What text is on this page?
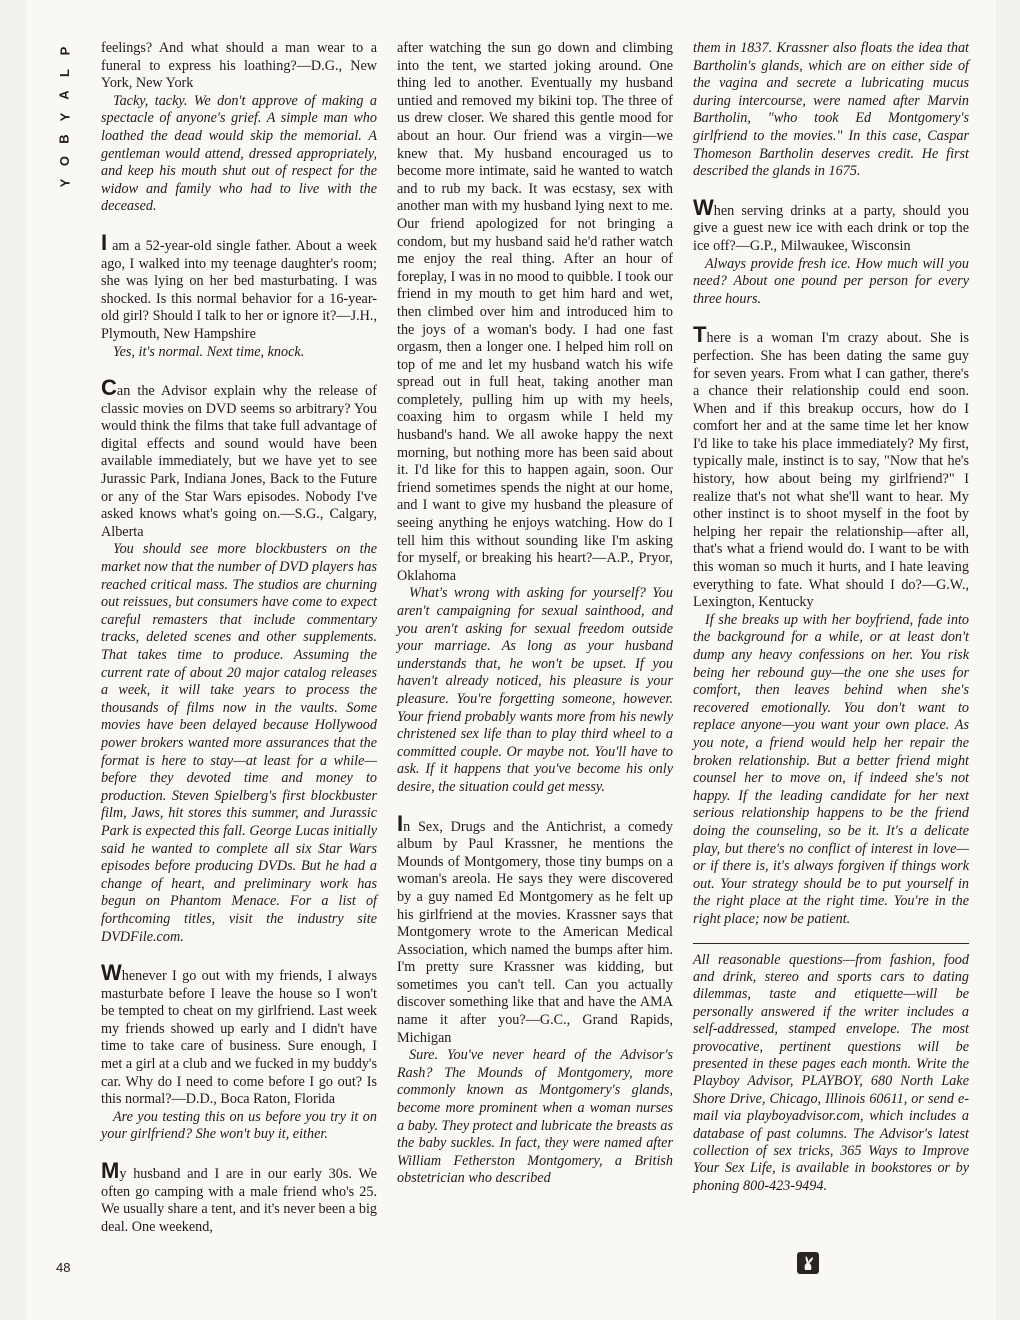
P
L
A
Y
B
O
Y

feelings? And what should a man wear to a funeral to express his loathing?—D.G., New York, New York

Tacky, tacky. We don't approve of making a spectacle of anyone's grief. A simple man who loathed the dead would skip the memorial. A gentleman would attend, dressed appropriately, and keep his mouth shut out of respect for the widow and family who had to live with the deceased.

I am a 52-year-old single father. About a week ago, I walked into my teenage daughter's room; she was lying on her bed masturbating. I was shocked. Is this normal behavior for a 16-year-old girl? Should I talk to her or ignore it?—J.H., Plymouth, New Hampshire

Yes, it's normal. Next time, knock.

Can the Advisor explain why the release of classic movies on DVD seems so arbitrary? You would think the films that take full advantage of digital effects and sound would have been available immediately, but we have yet to see Jurassic Park, Indiana Jones, Back to the Future or any of the Star Wars episodes. Nobody I've asked knows what's going on.—S.G., Calgary, Alberta

You should see more blockbusters on the market now that the number of DVD players has reached critical mass. The studios are churning out reissues, but consumers have come to expect careful remasters that include commentary tracks, deleted scenes and other supplements. That takes time to produce. Assuming the current rate of about 20 major catalog releases a week, it will take years to process the thousands of films now in the vaults. Some movies have been delayed because Hollywood power brokers wanted more assurances that the format is here to stay—at least for a while—before they devoted time and money to production. Steven Spielberg's first blockbuster film, Jaws, hit stores this summer, and Jurassic Park is expected this fall. George Lucas initially said he wanted to complete all six Star Wars episodes before producing DVDs. But he had a change of heart, and preliminary work has begun on Phantom Menace. For a list of forthcoming titles, visit the industry site DVDFile.com.

Whenever I go out with my friends, I always masturbate before I leave the house so I won't be tempted to cheat on my girlfriend. Last week my friends showed up early and I didn't have time to take care of business. Sure enough, I met a girl at a club and we fucked in my buddy's car. Why do I need to come before I go out? Is this normal?—D.D., Boca Raton, Florida

Are you testing this on us before you try it on your girlfriend? She won't buy it, either.

My husband and I are in our early 30s. We often go camping with a male friend who's 25. We usually share a tent, and it's never been a big deal. One weekend,

after watching the sun go down and climbing into the tent, we started joking around. One thing led to another. Eventually my husband untied and removed my bikini top. The three of us drew closer. We shared this gentle mood for about an hour. Our friend was a virgin—we knew that. My husband encouraged us to become more intimate, said he wanted to watch and to rub my back. It was ecstasy, sex with another man with my husband lying next to me. Our friend apologized for not bringing a condom, but my husband said he'd rather watch me enjoy the real thing. After an hour of foreplay, I was in no mood to quibble. I took our friend in my mouth to get him hard and wet, then climbed over him and introduced him to the joys of a woman's body. I had one fast orgasm, then a longer one. I helped him roll on top of me and let my husband watch his wife spread out in full heat, taking another man completely, pulling him up with my heels, coaxing him to orgasm while I held my husband's hand. We all awoke happy the next morning, but nothing more has been said about it. I'd like for this to happen again, soon. Our friend sometimes spends the night at our home, and I want to give my husband the pleasure of seeing anything he enjoys watching. How do I tell him this without sounding like I'm asking for myself, or breaking his heart?—A.P., Pryor, Oklahoma

What's wrong with asking for yourself? You aren't campaigning for sexual sainthood, and you aren't asking for sexual freedom outside your marriage. As long as your husband understands that, he won't be upset. If you haven't already noticed, his pleasure is your pleasure. You're forgetting someone, however. Your friend probably wants more from his newly christened sex life than to play third wheel to a committed couple. Or maybe not. You'll have to ask. If it happens that you've become his only desire, the situation could get messy.

In Sex, Drugs and the Antichrist, a comedy album by Paul Krassner, he mentions the Mounds of Montgomery, those tiny bumps on a woman's areola. He says they were discovered by a guy named Ed Montgomery as he felt up his girlfriend at the movies. Krassner says that Montgomery wrote to the American Medical Association, which named the bumps after him. I'm pretty sure Krassner was kidding, but sometimes you can't tell. Can you actually discover something like that and have the AMA name it after you?—G.C., Grand Rapids, Michigan

Sure. You've never heard of the Advisor's Rash? The Mounds of Montgomery, more commonly known as Montgomery's glands, become more prominent when a woman nurses a baby. They protect and lubricate the breasts as the baby suckles. In fact, they were named after William Fetherston Montgomery, a British obstetrician who described

them in 1837. Krassner also floats the idea that Bartholin's glands, which are on either side of the vagina and secrete a lubricating mucus during intercourse, were named after Marvin Bartholin, "who took Ed Montgomery's girlfriend to the movies." In this case, Caspar Thomeson Bartholin deserves credit. He first described the glands in 1675.

When serving drinks at a party, should you give a guest new ice with each drink or top the ice off?—G.P., Milwaukee, Wisconsin

Always provide fresh ice. How much will you need? About one pound per person for every three hours.

There is a woman I'm crazy about. She is perfection. She has been dating the same guy for seven years. From what I can gather, there's a chance their relationship could end soon. When and if this breakup occurs, how do I comfort her and at the same time let her know I'd like to take his place immediately? My first, typically male, instinct is to say, "Now that he's history, how about being my girlfriend?" I realize that's not what she'll want to hear. My other instinct is to shoot myself in the foot by helping her repair the relationship—after all, that's what a friend would do. I want to be with this woman so much it hurts, and I hate leaving everything to fate. What should I do?—G.W., Lexington, Kentucky

If she breaks up with her boyfriend, fade into the background for a while, or at least don't dump any heavy confessions on her. You risk being her rebound guy—the one she uses for comfort, then leaves behind when she's recovered emotionally. You don't want to replace anyone—you want your own place. As you note, a friend would help her repair the broken relationship. But a better friend might counsel her to move on, if indeed she's not happy. If the leading candidate for her next serious relationship happens to be the friend doing the counseling, so be it. It's a delicate play, but there's no conflict of interest in love—or if there is, it's always forgiven if things work out. Your strategy should be to put yourself in the right place at the right time. You're in the right place; now be patient.

All reasonable questions—from fashion, food and drink, stereo and sports cars to dating dilemmas, taste and etiquette—will be personally answered if the writer includes a self-addressed, stamped envelope. The most provocative, pertinent questions will be presented in these pages each month. Write the Playboy Advisor, PLAYBOY, 680 North Lake Shore Drive, Chicago, Illinois 60611, or send e-mail via playboyadvisor.com, which includes a database of past columns. The Advisor's latest collection of sex tricks, 365 Ways to Improve Your Sex Life, is available in bookstores or by phoning 800-423-9494.

48
